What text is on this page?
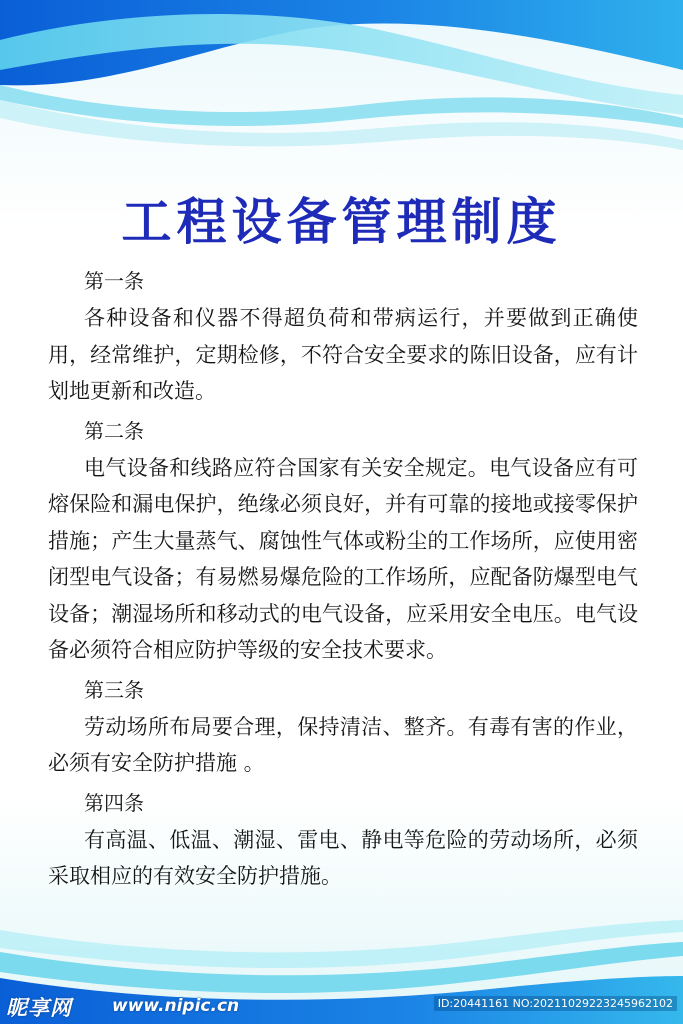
工程设备管理制度

第一条

各种设备和仪器不得超负荷和带病运行，并要做到正确使用，经常维护，定期检修，不符合安全要求的陈旧设备，应有计划地更新和改造。

第二条

电气设备和线路应符合国家有关安全规定。电气设备应有可熔保险和漏电保护，绝缘必须良好，并有可靠的接地或接零保护措施；产生大量蒸气、腐蚀性气体或粉尘的工作场所，应使用密闭型电气设备；有易燃易爆危险的工作场所，应配备防爆型电气设备；潮湿场所和移动式的电气设备，应采用安全电压。电气设备必须符合相应防护等级的安全技术要求。

第三条

劳动场所布局要合理，保持清洁、整齐。有毒有害的作业，必须有安全防护措施 。

第四条

有高温、低温、潮湿、雷电、静电等危险的劳动场所，必须采取相应的有效安全防护措施。

昵享网 www.nipic.cn	ID:20441161 NO:20211029223245962102
